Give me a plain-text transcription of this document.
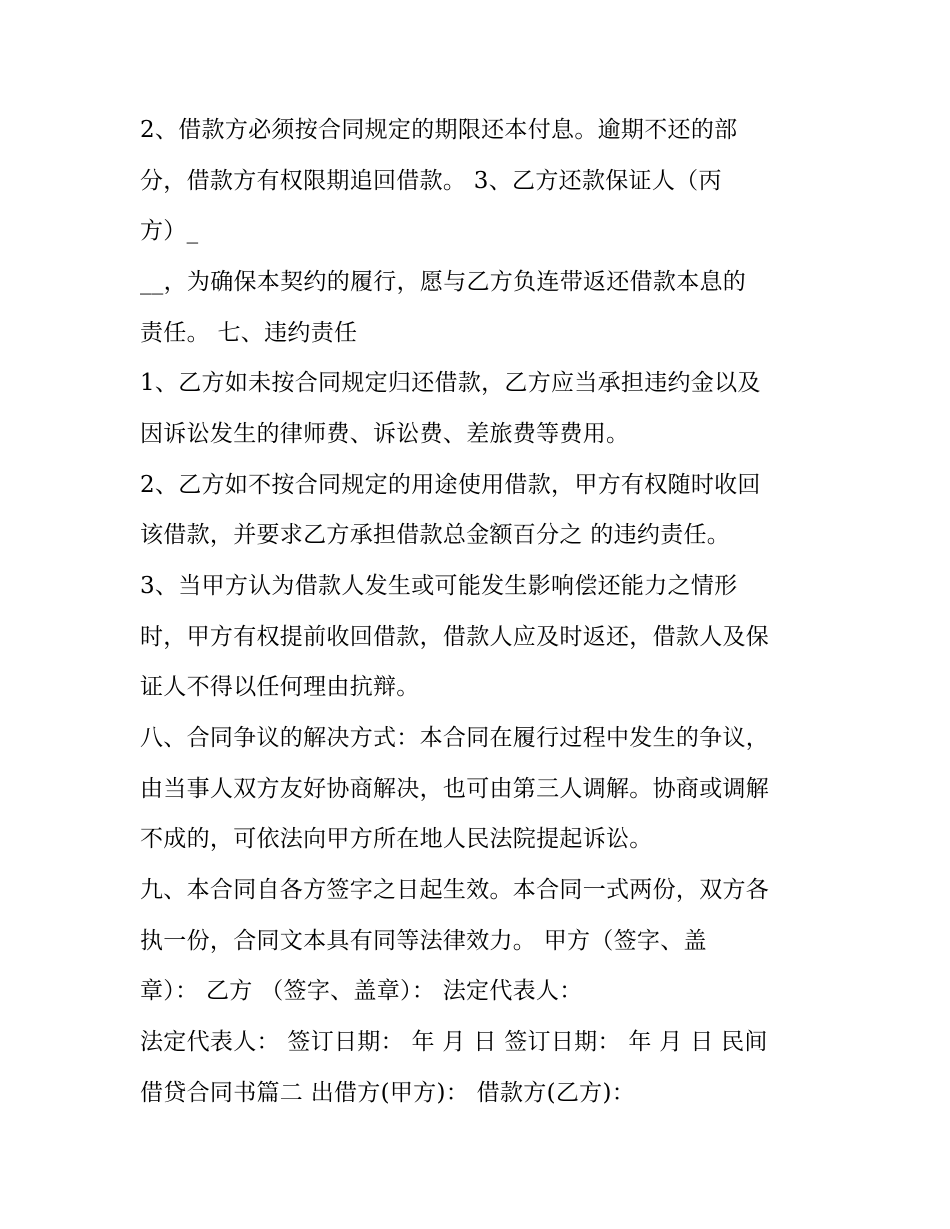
2、借款方必须按合同规定的期限还本付息。逾期不还的部
分，借款方有权限期追回借款。 3、乙方还款保证人（丙
方）_
__，为确保本契约的履行，愿与乙方负连带返还借款本息的
责任。 七、违约责任
1、乙方如未按合同规定归还借款，乙方应当承担违约金以及
因诉讼发生的律师费、诉讼费、差旅费等费用。
2、乙方如不按合同规定的用途使用借款，甲方有权随时收回
该借款，并要求乙方承担借款总金额百分之 的违约责任。
3、当甲方认为借款人发生或可能发生影响偿还能力之情形
时，甲方有权提前收回借款，借款人应及时返还，借款人及保
证人不得以任何理由抗辩。
八、合同争议的解决方式：本合同在履行过程中发生的争议，
由当事人双方友好协商解决，也可由第三人调解。协商或调解
不成的，可依法向甲方所在地人民法院提起诉讼。
九、本合同自各方签字之日起生效。本合同一式两份，双方各
执一份，合同文本具有同等法律效力。 甲方（签字、盖
章）： 乙方 （签字、盖章）： 法定代表人：
法定代表人： 签订日期： 年 月 日 签订日期： 年 月 日 民间
借贷合同书篇二 出借方(甲方)： 借款方(乙方)：
